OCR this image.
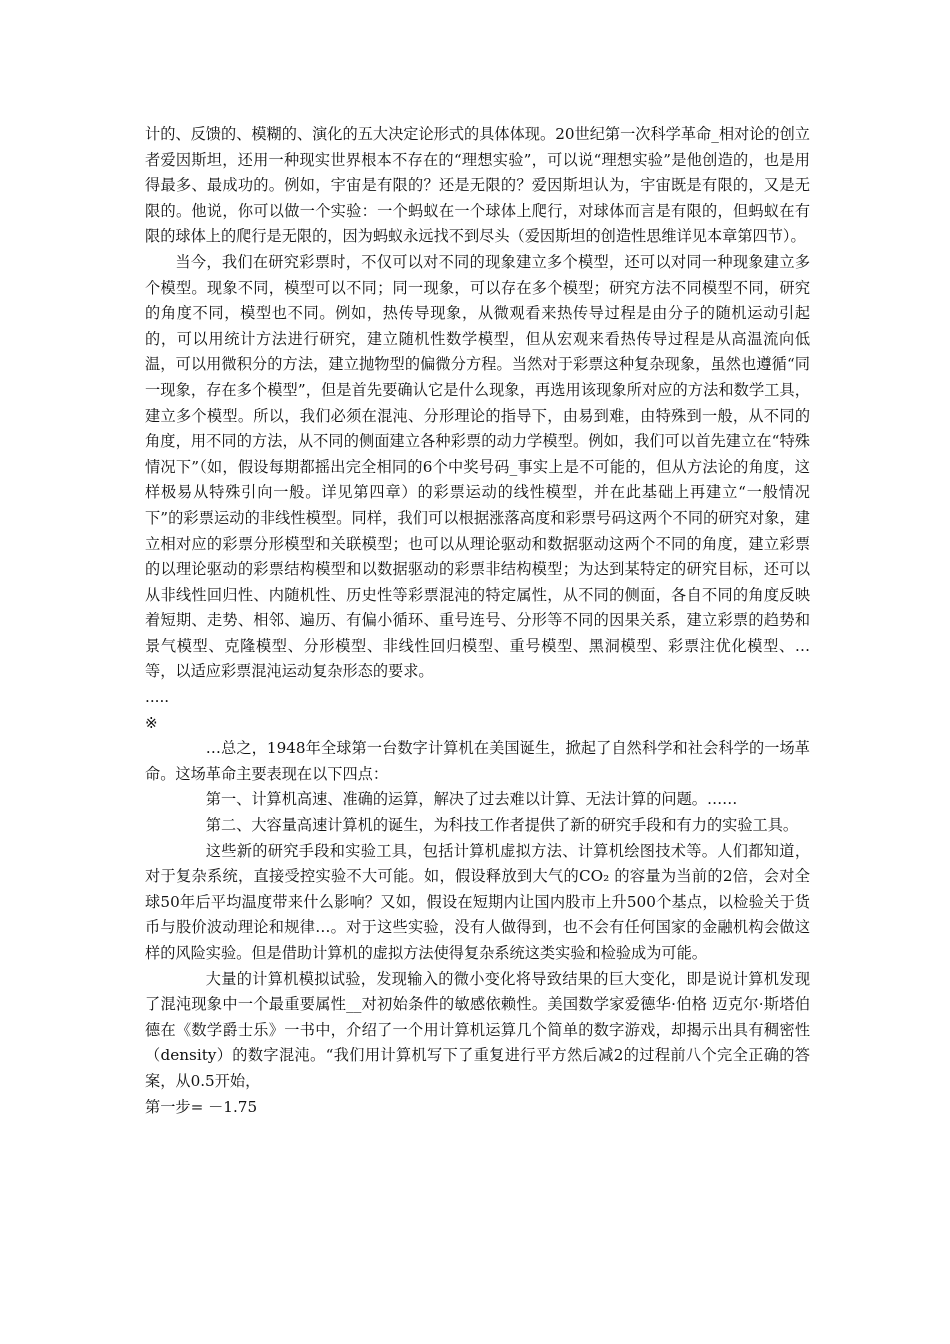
计的、反馈的、模糊的、演化的五大决定论形式的具体体现。20世纪第一次科学革命_相对论的创立者爱因斯坦，还用一种现实世界根本不存在的“理想实验”，可以说“理想实验”是他创造的，也是用得最多、最成功的。例如，宇宙是有限的？还是无限的？爱因斯坦认为，宇宙既是有限的，又是无限的。他说，你可以做一个实验：一个蚂蚁在一个球体上爬行，对球体而言是有限的，但蚂蚁在有限的球体上的爬行是无限的，因为蚂蚁永远找不到尽头（爱因斯坦的创造性思维详见本章第四节）。

当今，我们在研究彩票时，不仅可以对不同的现象建立多个模型，还可以对同一种现象建立多个模型。现象不同，模型可以不同；同一现象，可以存在多个模型；研究方法不同模型不同，研究的角度不同，模型也不同。例如，热传导现象，从微观看来热传导过程是由分子的随机运动引起的，可以用统计方法进行研究，建立随机性数学模型，但从宏观来看热传导过程是从高温流向低温，可以用微积分的方法，建立抛物型的偏微分方程。当然对于彩票这种复杂现象，虽然也遵循“同一现象，存在多个模型”，但是首先要确认它是什么现象，再选用该现象所对应的方法和数学工具，建立多个模型。所以，我们必须在混沌、分形理论的指导下，由易到难，由特殊到一般，从不同的角度，用不同的方法，从不同的侧面建立各种彩票的动力学模型。例如，我们可以首先建立在“特殊情况下”（如，假设每期都摇出完全相同的6个中奖号码_事实上是不可能的，但从方法论的角度，这样极易从特殊引向一般。详见第四章）的彩票运动的线性模型，并在此基础上再建立“一般情况下”的彩票运动的非线性模型。同样，我们可以根据涨落高度和彩票号码这两个不同的研究对象，建立相对应的彩票分形模型和关联模型；也可以从理论驱动和数据驱动这两个不同的角度，建立彩票的以理论驱动的彩票结构模型和以数据驱动的彩票非结构模型；为达到某特定的研究目标，还可以从非线性回归性、内随机性、历史性等彩票混沌的特定属性，从不同的侧面，各自不同的角度反映着短期、走势、相邻、遍历、有偏小循环、重号连号、分形等不同的因果关系，建立彩票的趋势和景气模型、克隆模型、分形模型、非线性回归模型、重号模型、黑洞模型、彩票注优化模型、…等，以适应彩票混沌运动复杂形态的要求。

.....

※

…总之，1948年全球第一台数字计算机在美国诞生，掀起了自然科学和社会科学的一场革命。这场革命主要表现在以下四点：

第一、计算机高速、准确的运算，解决了过去难以计算、无法计算的问题。……

第二、大容量高速计算机的诞生，为科技工作者提供了新的研究手段和有力的实验工具。

这些新的研究手段和实验工具，包括计算机虚拟方法、计算机绘图技术等。人们都知道，对于复杂系统，直接受控实验不大可能。如，假设释放到大气的CO₂ 的容量为当前的2倍，会对全球50年后平均温度带来什么影响？又如，假设在短期内让国内股市上升500个基点，以检验关于货币与股价波动理论和规律…。对于这些实验，没有人做得到，也不会有任何国家的金融机构会做这样的风险实验。但是借助计算机的虚拟方法使得复杂系统这类实验和检验成为可能。

大量的计算机模拟试验，发现输入的微小变化将导致结果的巨大变化，即是说计算机发现了混沌现象中一个最重要属性__对初始条件的敏感依赖性。美国数学家爱德华·伯格 迈克尔·斯塔伯德在《数学爵士乐》一书中，介绍了一个用计算机运算几个简单的数字游戏，却揭示出具有稠密性（density）的数字混沌。“我们用计算机写下了重复进行平方然后减2的过程前八个完全正确的答案，从0.5开始，

第一步= －1.75
